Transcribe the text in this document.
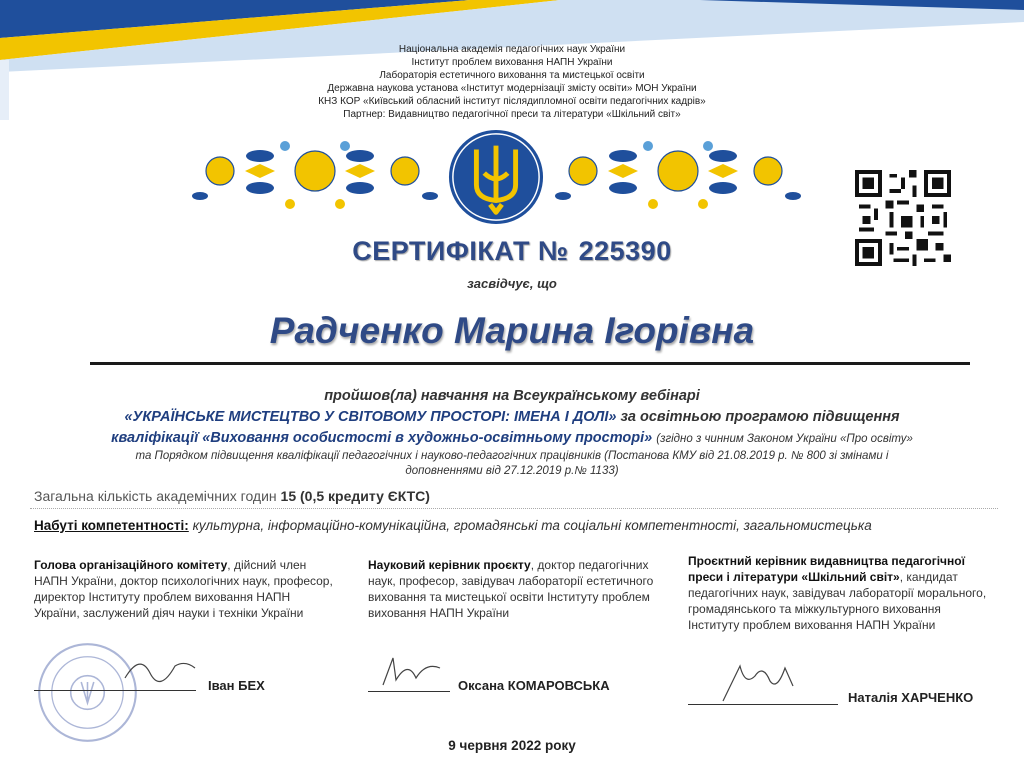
Національна академія педагогічних наук України
Інститут проблем виховання НАПН України
Лабораторія естетичного виховання та мистецької освіти
Державна наукова установа «Інститут модернізації змісту освіти» МОН України
КНЗ КОР «Київський обласний інститут післядипломної освіти педагогічних кадрів»
Партнер: Видавництво педагогічної преси та літератури «Шкільний світ»
СЕРТИФІКАТ № 225390
засвідчує, що
Радченко Марина Ігорівна
пройшов(ла) навчання на Всеукраїнському вебінарі
«УКРАЇНСЬКЕ МИСТЕЦТВО У СВІТОВОМУ ПРОСТОРІ: ІМЕНА І ДОЛІ» за освітньою програмою підвищення
кваліфікації «Виховання особистості в художньо-освітньому просторі» (згідно з чинним Законом України «Про освіту»
та Порядком підвищення кваліфікації педагогічних і науково-педагогічних працівників (Постанова КМУ від 21.08.2019 р. № 800 зі змінами і
доповненнями від 27.12.2019 р.№ 1133)
Загальна кількість академічних годин 15 (0,5 кредиту ЄКТС)
Набуті компетентності: культурна, інформаційно-комунікаційна, громадянські та соціальні компетентності, загальномистецька
Голова організаційного комітету, дійсний член НАПН України, доктор психологічних наук, професор, директор Інституту проблем виховання НАПН України, заслужений діяч науки і техніки України
Іван БЕХ
Науковий керівник проєкту, доктор педагогічних наук, професор, завідувач лабораторії естетичного виховання та мистецької освіти Інституту проблем виховання НАПН України
Оксана КОМАРОВСЬКА
Проєктний керівник видавництва педагогічної преси і літератури «Шкільний світ», кандидат педагогічних наук, завідувач лабораторії морального, громадянського та міжкультурного виховання Інституту проблем виховання НАПН України
Наталія ХАРЧЕНКО
9 червня 2022 року
